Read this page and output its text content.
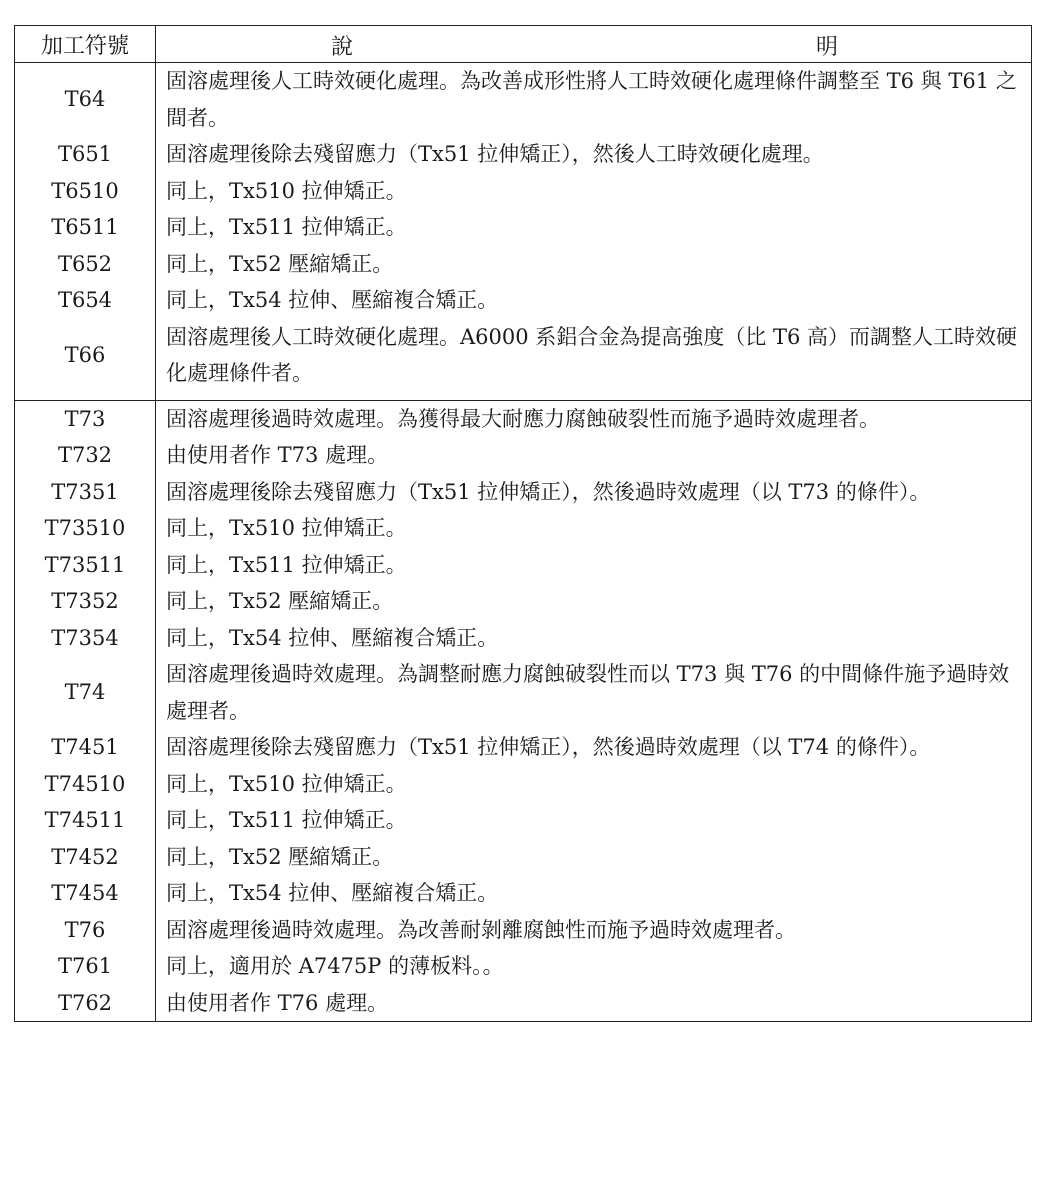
加工符號	說 明

T64	固溶處理後人工時效硬化處理。為改善成形性將人工時效硬化處理條件調整至 T6 與 T61 之間者。
T651	固溶處理後除去殘留應力（Tx51 拉伸矯正），然後人工時效硬化處理。
T6510	同上，Tx510 拉伸矯正。
T6511	同上，Tx511 拉伸矯正。
T652	同上，Tx52 壓縮矯正。
T654	同上，Tx54 拉伸、壓縮複合矯正。
T66	固溶處理後人工時效硬化處理。A6000 系鋁合金為提高強度（比 T6 高）而調整人工時效硬化處理條件者。

T73	固溶處理後過時效處理。為獲得最大耐應力腐蝕破裂性而施予過時效處理者。
T732	由使用者作 T73 處理。
T7351	固溶處理後除去殘留應力（Tx51 拉伸矯正），然後過時效處理（以 T73 的條件）。
T73510	同上，Tx510 拉伸矯正。
T73511	同上，Tx511 拉伸矯正。
T7352	同上，Tx52 壓縮矯正。
T7354	同上，Tx54 拉伸、壓縮複合矯正。
T74	固溶處理後過時效處理。為調整耐應力腐蝕破裂性而以 T73 與 T76 的中間條件施予過時效處理者。
T7451	固溶處理後除去殘留應力（Tx51 拉伸矯正），然後過時效處理（以 T74 的條件）。
T74510	同上，Tx510 拉伸矯正。
T74511	同上，Tx511 拉伸矯正。
T7452	同上，Tx52 壓縮矯正。
T7454	同上，Tx54 拉伸、壓縮複合矯正。
T76	固溶處理後過時效處理。為改善耐剝離腐蝕性而施予過時效處理者。
T761	同上，適用於 A7475P 的薄板料。。
T762	由使用者作 T76 處理。
